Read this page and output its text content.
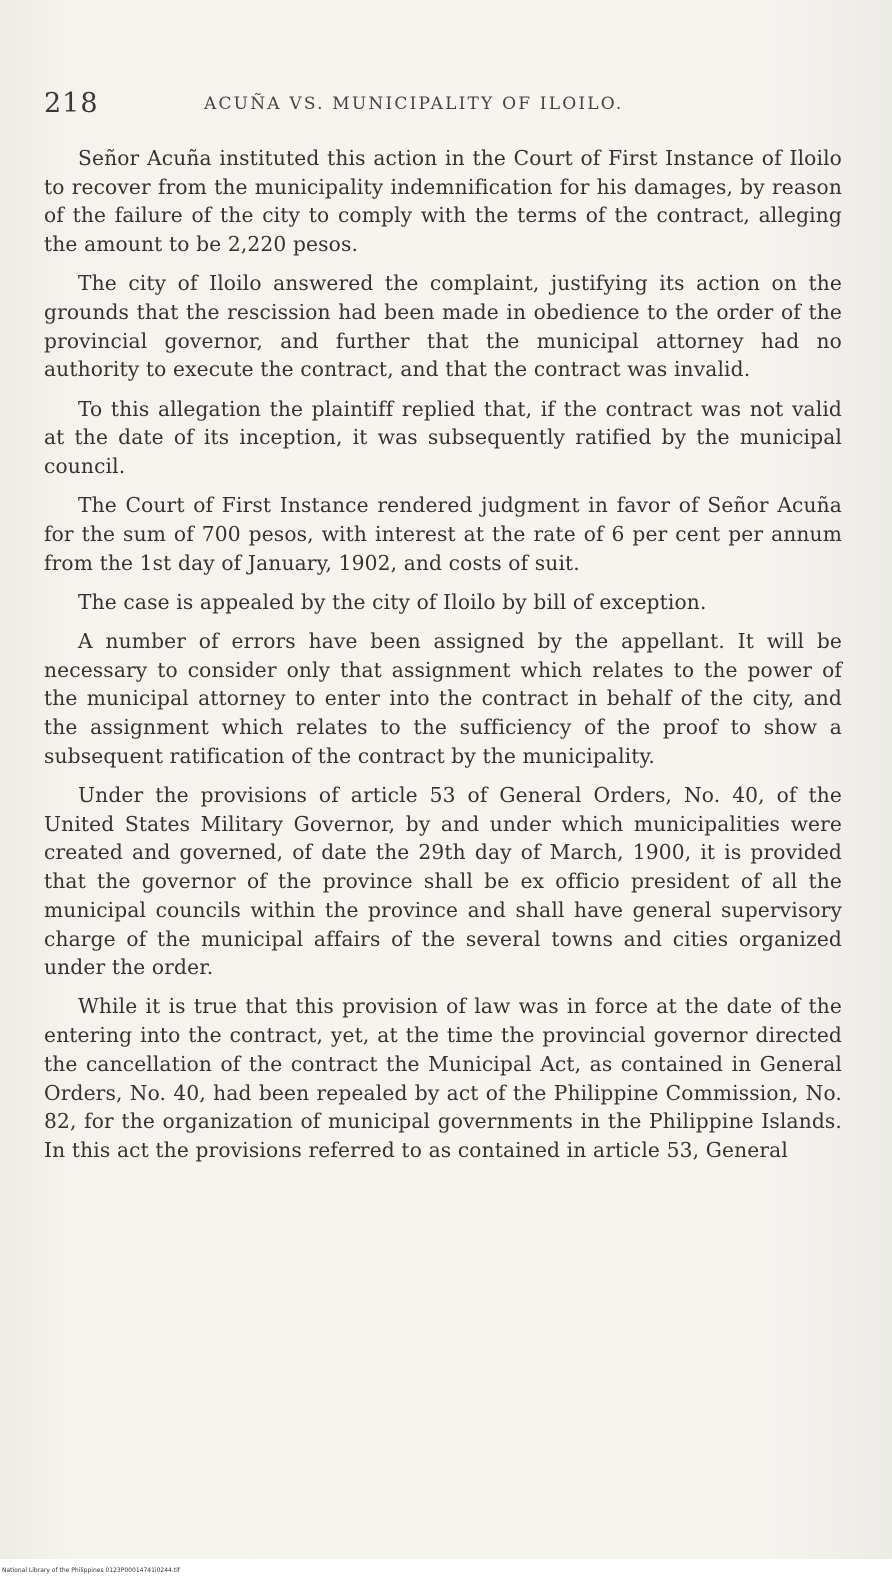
218	ACUÑA VS. MUNICIPALITY OF ILOILO.

Señor Acuña instituted this action in the Court of First Instance of Iloilo to recover from the municipality indemnification for his damages, by reason of the failure of the city to comply with the terms of the contract, alleging the amount to be 2,220 pesos.

The city of Iloilo answered the complaint, justifying its action on the grounds that the rescission had been made in obedience to the order of the provincial governor, and further that the municipal attorney had no authority to execute the contract, and that the contract was invalid.

To this allegation the plaintiff replied that, if the contract was not valid at the date of its inception, it was subsequently ratified by the municipal council.

The Court of First Instance rendered judgment in favor of Señor Acuña for the sum of 700 pesos, with interest at the rate of 6 per cent per annum from the 1st day of January, 1902, and costs of suit.

The case is appealed by the city of Iloilo by bill of exception.

A number of errors have been assigned by the appellant. It will be necessary to consider only that assignment which relates to the power of the municipal attorney to enter into the contract in behalf of the city, and the assignment which relates to the sufficiency of the proof to show a subsequent ratification of the contract by the municipality.

Under the provisions of article 53 of General Orders, No. 40, of the United States Military Governor, by and under which municipalities were created and governed, of date the 29th day of March, 1900, it is provided that the governor of the province shall be ex officio president of all the municipal councils within the province and shall have general supervisory charge of the municipal affairs of the several towns and cities organized under the order.

While it is true that this provision of law was in force at the date of the entering into the contract, yet, at the time the provincial governor directed the cancellation of the contract the Municipal Act, as contained in General Orders, No. 40, had been repealed by act of the Philippine Commission, No. 82, for the organization of municipal governments in the Philippine Islands. In this act the provisions referred to as contained in article 53, General

National Library of the Philippines 0123P00014741i0244.tif
